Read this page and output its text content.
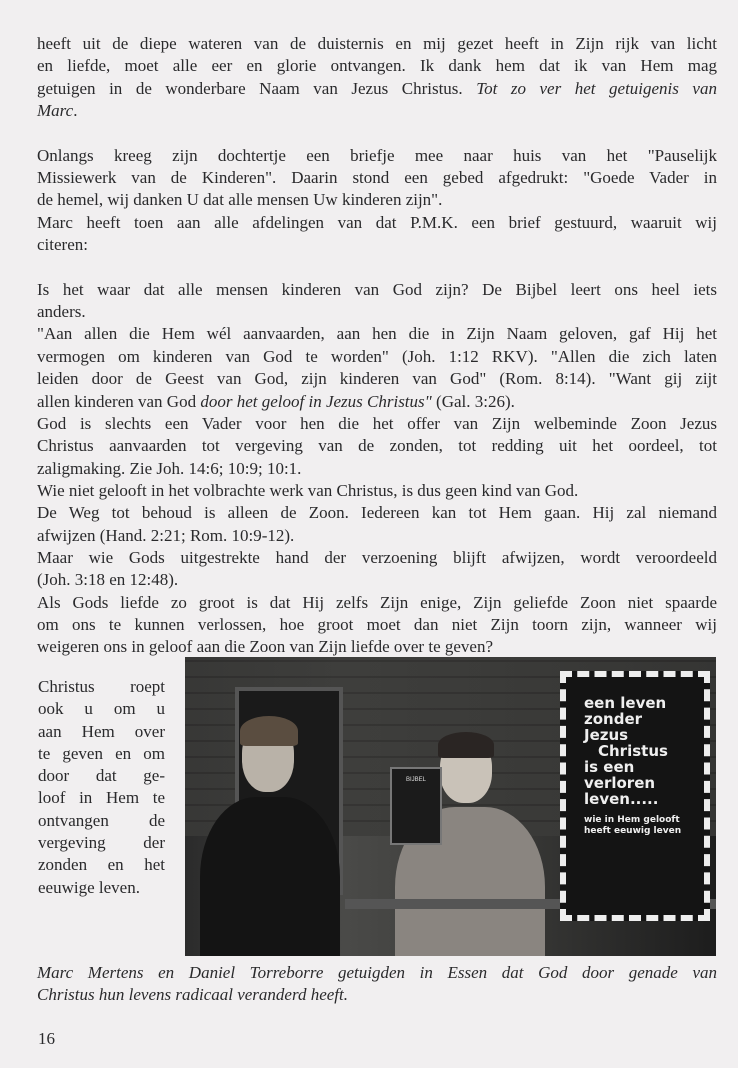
heeft uit de diepe wateren van de duisternis en mij gezet heeft in Zijn rijk van licht
en liefde, moet alle eer en glorie ontvangen. Ik dank hem dat ik van Hem mag
getuigen in de wonderbare Naam van Jezus Christus. Tot zo ver het getuigenis van
Marc.
Onlangs kreeg zijn dochtertje een briefje mee naar huis van het "Pauselijk
Missiewerk van de Kinderen". Daarin stond een gebed afgedrukt: "Goede Vader in
de hemel, wij danken U dat alle mensen Uw kinderen zijn".
Marc heeft toen aan alle afdelingen van dat P.M.K. een brief gestuurd, waaruit wij
citeren:
Is het waar dat alle mensen kinderen van God zijn? De Bijbel leert ons heel iets
anders.
"Aan allen die Hem wél aanvaarden, aan hen die in Zijn Naam geloven, gaf Hij het
vermogen om kinderen van God te worden" (Joh. 1:12 RKV). "Allen die zich laten
leiden door de Geest van God, zijn kinderen van God" (Rom. 8:14). "Want gij zijt
allen kinderen van God door het geloof in Jezus Christus" (Gal. 3:26).
God is slechts een Vader voor hen die het offer van Zijn welbeminde Zoon Jezus
Christus aanvaarden tot vergeving van de zonden, tot redding uit het oordeel, tot
zaligmaking. Zie Joh. 14:6; 10:9; 10:1.
Wie niet gelooft in het volbrachte werk van Christus, is dus geen kind van God.
De Weg tot behoud is alleen de Zoon. Iedereen kan tot Hem gaan. Hij zal niemand
afwijzen (Hand. 2:21; Rom. 10:9-12).
Maar wie Gods uitgestrekte hand der verzoening blijft afwijzen, wordt veroordeeld
(Joh. 3:18 en 12:48).
Als Gods liefde zo groot is dat Hij zelfs Zijn enige, Zijn geliefde Zoon niet spaarde
om ons te kunnen verlossen, hoe groot moet dan niet Zijn toorn zijn, wanneer wij
weigeren ons in geloof aan die Zoon van Zijn liefde over te geven?
Christus roept
ook u om u
aan Hem over
te geven en om
door dat ge-
loof in Hem te
ontvangen de
vergeving der
zonden en het
eeuwige leven.
BIJBEL
een leven
zonder
Jezus
Christus
is een
verloren
leven.....
wie in Hem gelooft
heeft eeuwig leven
Marc Mertens en Daniel Torreborre getuigden in Essen dat God door genade van
Christus hun levens radicaal veranderd heeft.
16
